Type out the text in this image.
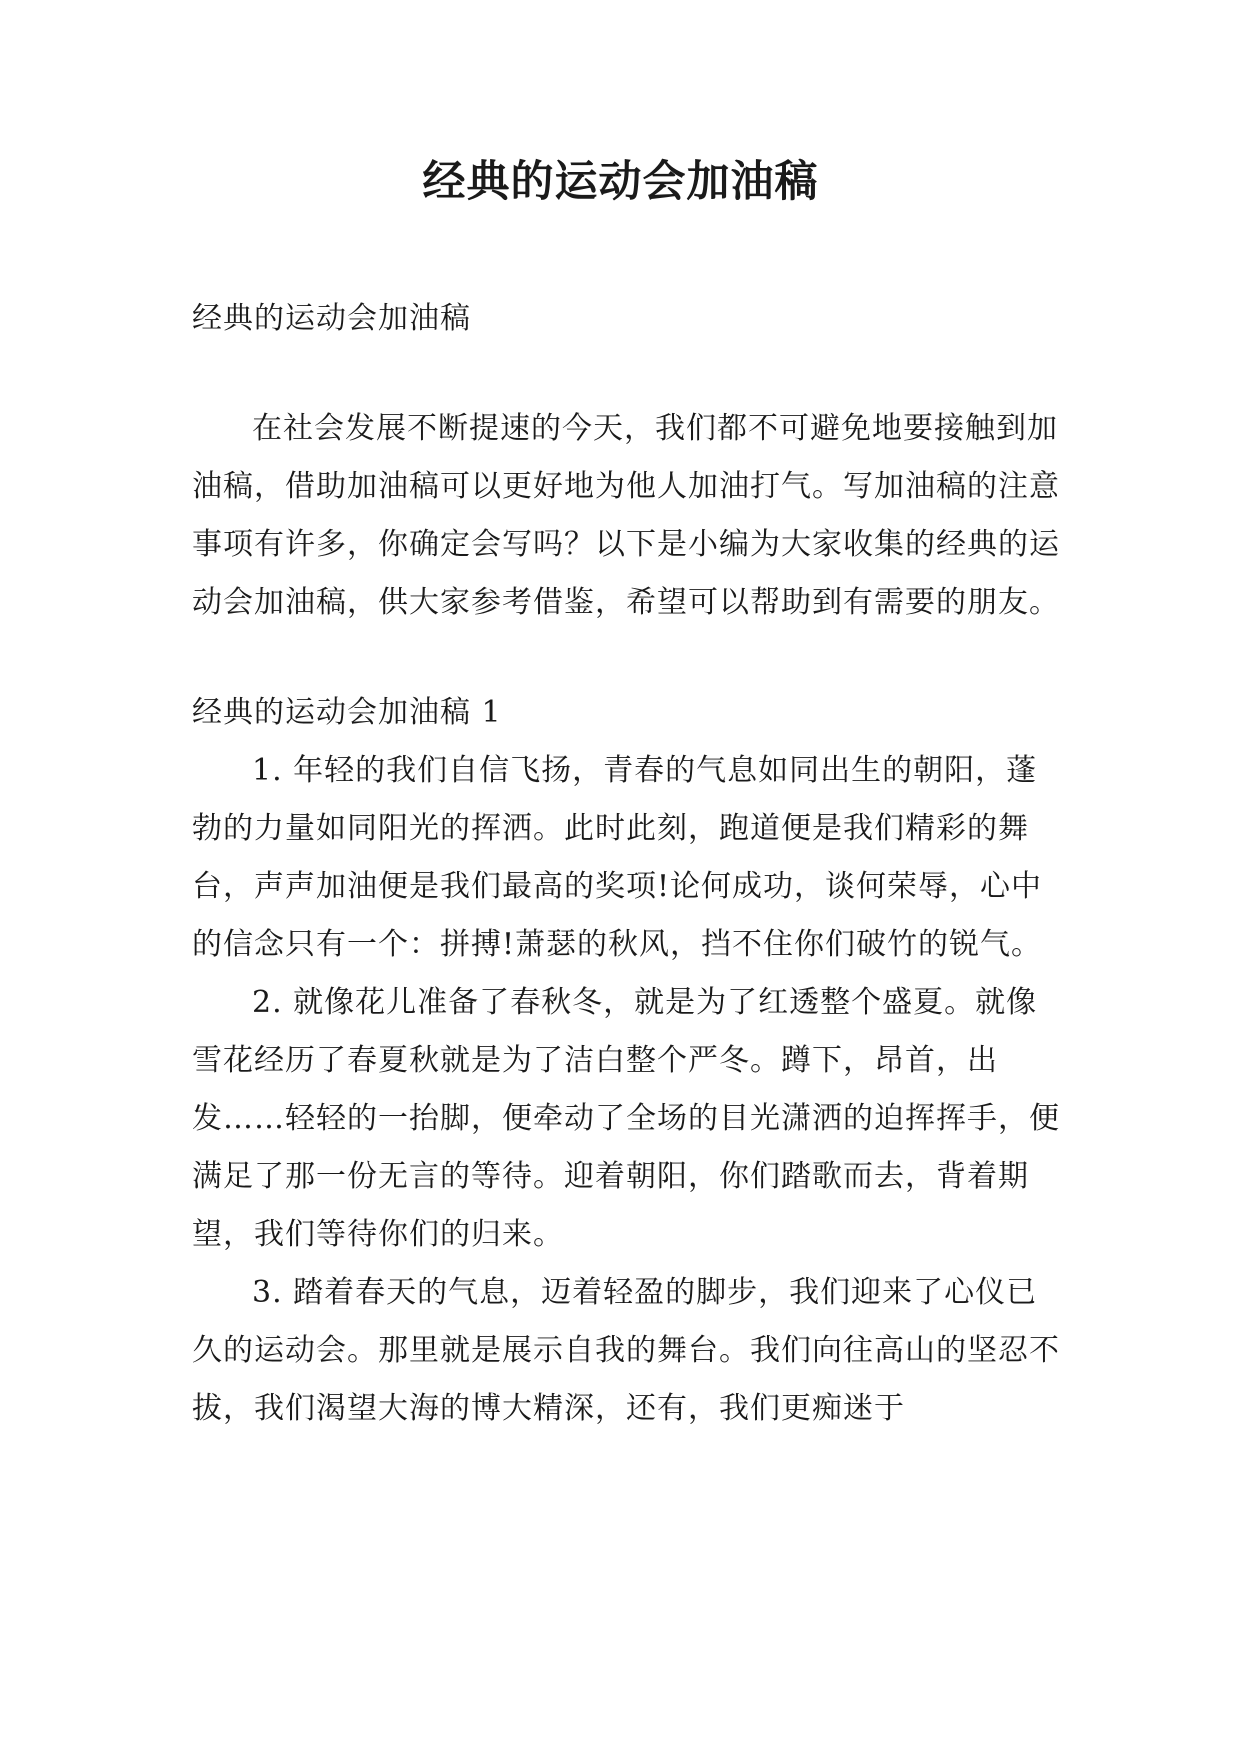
经典的运动会加油稿

经典的运动会加油稿

在社会发展不断提速的今天，我们都不可避免地要接触到加油稿，借助加油稿可以更好地为他人加油打气。写加油稿的注意事项有许多，你确定会写吗？以下是小编为大家收集的经典的运动会加油稿，供大家参考借鉴，希望可以帮助到有需要的朋友。

经典的运动会加油稿 1

1. 年轻的我们自信飞扬，青春的气息如同出生的朝阳，蓬勃的力量如同阳光的挥洒。此时此刻，跑道便是我们精彩的舞台，声声加油便是我们最高的奖项!论何成功，谈何荣辱，心中的信念只有一个：拼搏!萧瑟的秋风，挡不住你们破竹的锐气。

2. 就像花儿准备了春秋冬，就是为了红透整个盛夏。就像雪花经历了春夏秋就是为了洁白整个严冬。蹲下，昂首，出发……轻轻的一抬脚，便牵动了全场的目光潇洒的迫挥挥手，便满足了那一份无言的等待。迎着朝阳，你们踏歌而去，背着期望，我们等待你们的归来。

3. 踏着春天的气息，迈着轻盈的脚步，我们迎来了心仪已久的运动会。那里就是展示自我的舞台。我们向往高山的坚忍不拔，我们渴望大海的博大精深，还有，我们更痴迷于
